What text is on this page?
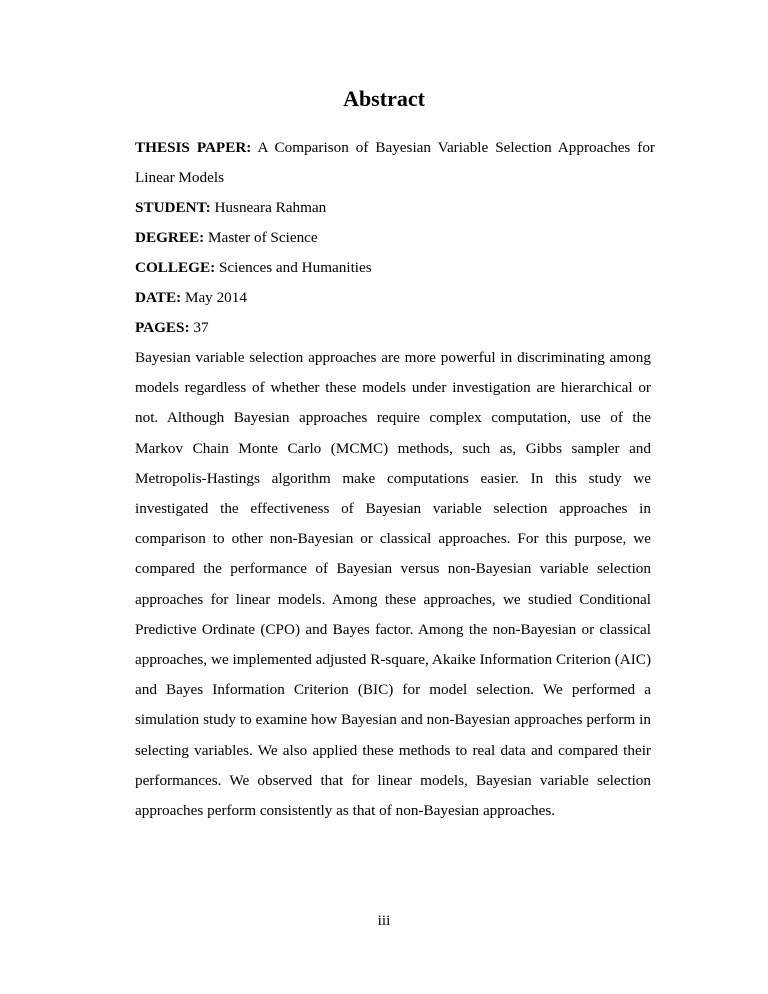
Abstract

THESIS PAPER: A Comparison of Bayesian Variable Selection Approaches for Linear Models

STUDENT: Husneara Rahman

DEGREE: Master of Science

COLLEGE: Sciences and Humanities

DATE: May 2014

PAGES: 37

Bayesian variable selection approaches are more powerful in discriminating among models regardless of whether these models under investigation are hierarchical or not. Although Bayesian approaches require complex computation, use of the Markov Chain Monte Carlo (MCMC) methods, such as, Gibbs sampler and Metropolis-Hastings algorithm make computations easier. In this study we investigated the effectiveness of Bayesian variable selection approaches in comparison to other non-Bayesian or classical approaches. For this purpose, we compared the performance of Bayesian versus non-Bayesian variable selection approaches for linear models. Among these approaches, we studied Conditional Predictive Ordinate (CPO) and Bayes factor. Among the non-Bayesian or classical approaches, we implemented adjusted R-square, Akaike Information Criterion (AIC) and Bayes Information Criterion (BIC) for model selection. We performed a simulation study to examine how Bayesian and non-Bayesian approaches perform in selecting variables. We also applied these methods to real data and compared their performances. We observed that for linear models, Bayesian variable selection approaches perform consistently as that of non-Bayesian approaches.

iii
